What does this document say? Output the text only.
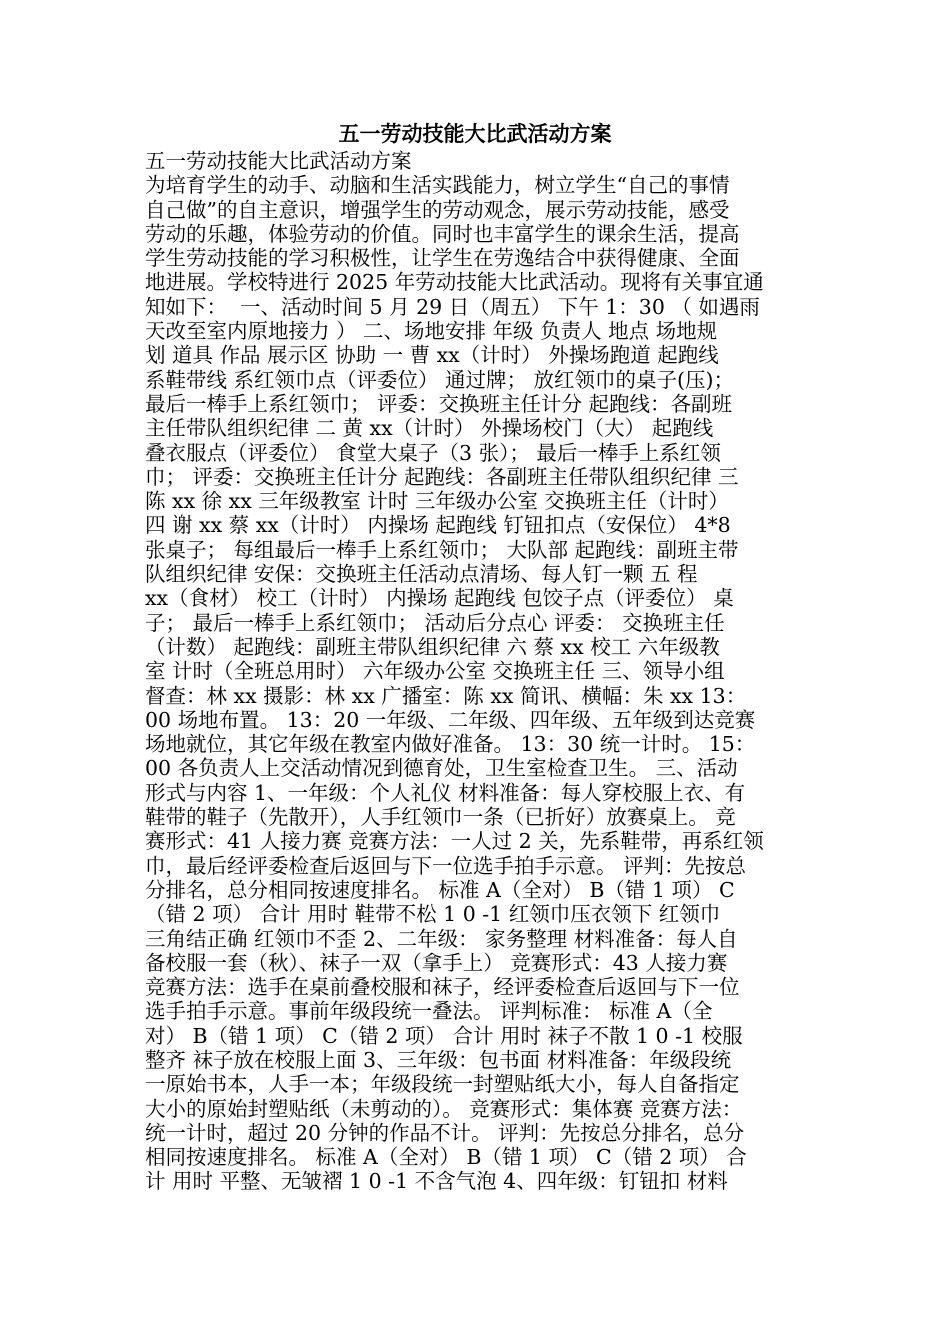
五一劳动技能大比武活动方案
五一劳动技能大比武活动方案
为培育学生的动手、动脑和生活实践能力，树立学生“自己的事情
自己做”的自主意识，增强学生的劳动观念，展示劳动技能，感受
劳动的乐趣，体验劳动的价值。同时也丰富学生的课余生活，提高
学生劳动技能的学习积极性，让学生在劳逸结合中获得健康、全面
地进展。学校特进行 2025 年劳动技能大比武活动。现将有关事宜通
知如下：  一、活动时间 5 月 29 日（周五） 下午 1：30 （ 如遇雨
天改至室内原地接力 ） 二、场地安排 年级 负责人 地点 场地规
划 道具 作品 展示区 协助 一 曹 xx（计时） 外操场跑道 起跑线
系鞋带线 系红领巾点（评委位） 通过牌； 放红领巾的桌子(压)；
最后一棒手上系红领巾； 评委：交换班主任计分 起跑线：各副班
主任带队组织纪律 二 黄 xx（计时） 外操场校门（大） 起跑线
叠衣服点（评委位） 食堂大桌子（3 张）； 最后一棒手上系红领
巾； 评委：交换班主任计分 起跑线：各副班主任带队组织纪律 三
陈 xx 徐 xx 三年级教室 计时 三年级办公室 交换班主任（计时）
四 谢 xx 蔡 xx（计时） 内操场 起跑线 钉钮扣点（安保位） 4*8
张桌子； 每组最后一棒手上系红领巾； 大队部 起跑线：副班主带
队组织纪律 安保：交换班主任活动点清场、每人钉一颗 五 程
xx（食材） 校工（计时） 内操场 起跑线 包饺子点（评委位） 桌
子； 最后一棒手上系红领巾； 活动后分点心 评委： 交换班主任
（计数） 起跑线：副班主带队组织纪律 六 蔡 xx 校工 六年级教
室 计时（全班总用时） 六年级办公室 交换班主任 三、领导小组
督查：林 xx 摄影：林 xx 广播室：陈 xx 简讯、横幅：朱 xx 13：
00 场地布置。 13：20 一年级、二年级、四年级、五年级到达竞赛
场地就位，其它年级在教室内做好准备。 13：30 统一计时。 15：
00 各负责人上交活动情况到德育处，卫生室检查卫生。 三、活动
形式与内容 1、一年级：个人礼仪 材料准备：每人穿校服上衣、有
鞋带的鞋子（先散开），人手红领巾一条（已折好）放赛桌上。 竞
赛形式：41 人接力赛 竞赛方法：一人过 2 关，先系鞋带，再系红领
巾，最后经评委检查后返回与下一位选手拍手示意。 评判：先按总
分排名，总分相同按速度排名。 标准 A（全对） B（错 1 项） C
（错 2 项） 合计 用时 鞋带不松 1 0 -1 红领巾压衣领下 红领巾
三角结正确 红领巾不歪 2、二年级： 家务整理 材料准备：每人自
备校服一套（秋）、袜子一双（拿手上） 竞赛形式：43 人接力赛
竞赛方法：选手在桌前叠校服和袜子，经评委检查后返回与下一位
选手拍手示意。事前年级段统一叠法。 评判标准： 标准 A（全
对） B（错 1 项） C（错 2 项） 合计 用时 袜子不散 1 0 -1 校服
整齐 袜子放在校服上面 3、三年级：包书面 材料准备：年级段统
一原始书本，人手一本；年级段统一封塑贴纸大小，每人自备指定
大小的原始封塑贴纸（未剪动的）。 竞赛形式：集体赛 竞赛方法：
统一计时，超过 20 分钟的作品不计。 评判：先按总分排名，总分
相同按速度排名。 标准 A（全对） B（错 1 项） C（错 2 项） 合
计 用时 平整、无皱褶 1 0 -1 不含气泡 4、四年级：钉钮扣 材料
